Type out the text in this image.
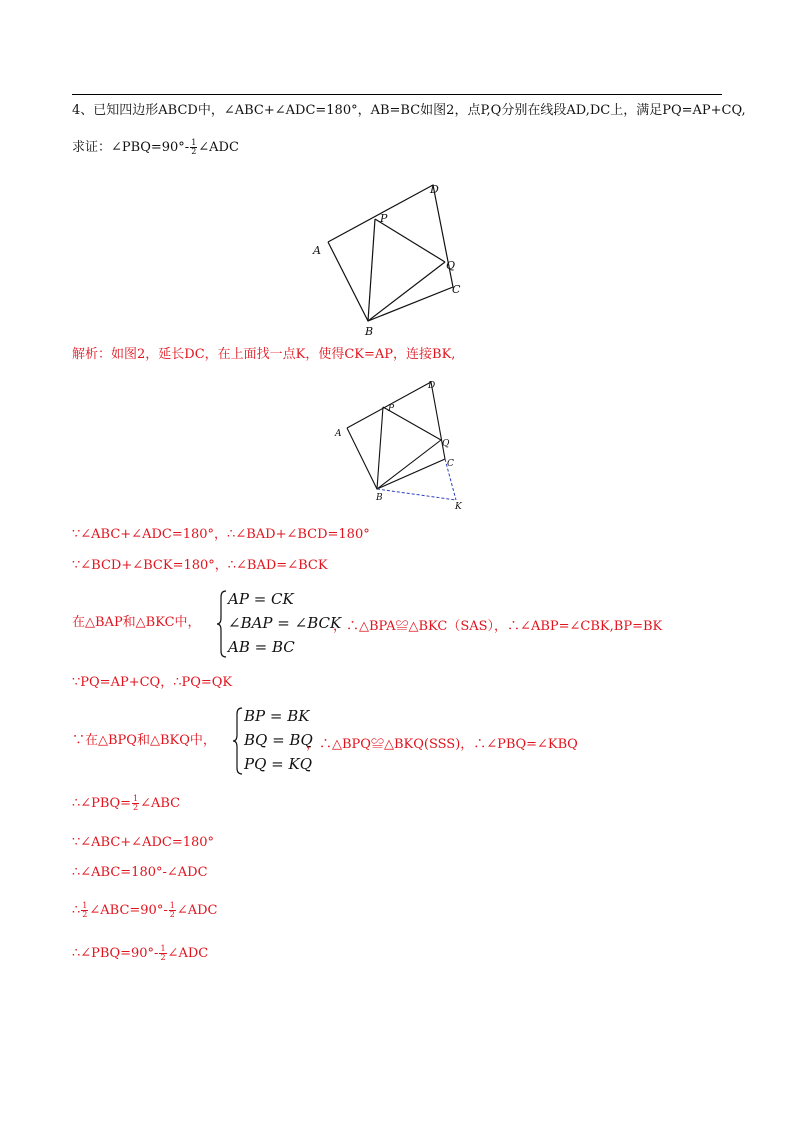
4、已知四边形ABCD中，∠ABC+∠ADC=180°，AB=BC如图2，点P,Q分别在线段AD,DC上，满足PQ=AP+CQ,
求证：∠PBQ=90°- $\frac{1}{2}$ ∠ADC
A
B
C
D
P
Q
解析：如图2，延长DC，在上面找一点K，使得CK=AP，连接BK,
A
B
C
D
P
Q
K
∵∠ABC+∠ADC=180°，∴∠BAD+∠BCD=180°
∵∠BCD+∠BCK=180°，∴∠BAD=∠BCK
在△BAP和△BKC中，
AP = CK
∠BAP = ∠BCK
AB = BC
，∴△BPA≌△BKC（SAS），∴∠ABP=∠CBK,BP=BK
∵PQ=AP+CQ，∴PQ=QK
∵在△BPQ和△BKQ中，
BP = BK
BQ = BQ
PQ = KQ
，∴△BPQ≌△BKQ(SSS)，∴∠PBQ=∠KBQ
∴∠PBQ= $\frac{1}{2}$ ∠ABC
∵∠ABC+∠ADC=180°
∴∠ABC=180°-∠ADC
∴ $\frac{1}{2}$ ∠ABC=90°- $\frac{1}{2}$ ∠ADC
∴∠PBQ=90°- $\frac{1}{2}$ ∠ADC
